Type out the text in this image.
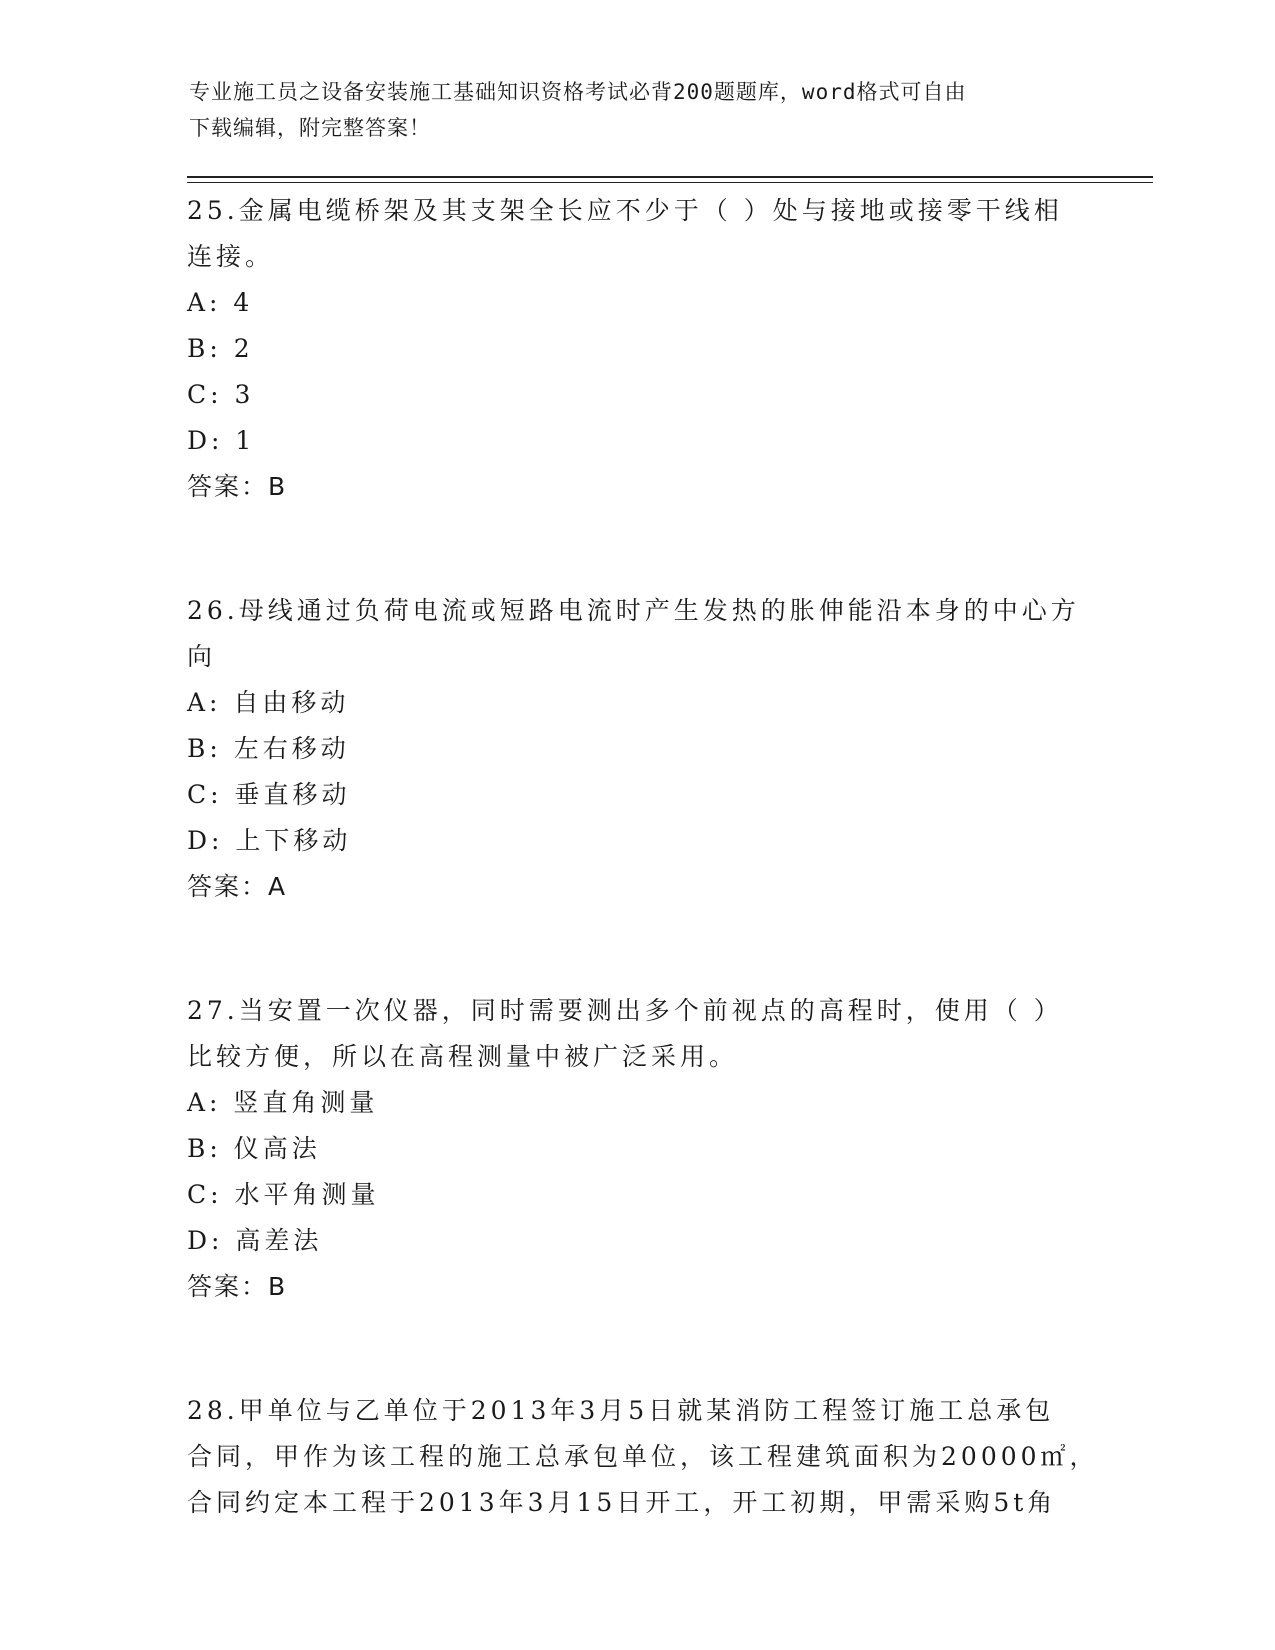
专业施工员之设备安装施工基础知识资格考试必背200题题库，word格式可自由
下载编辑，附完整答案！
25.金属电缆桥架及其支架全长应不少于（ ）处与接地或接零干线相
连接。
A: 4
B: 2
C: 3
D: 1
答案：B
26.母线通过负荷电流或短路电流时产生发热的胀伸能沿本身的中心方
向
A: 自由移动
B: 左右移动
C: 垂直移动
D: 上下移动
答案：A
27.当安置一次仪器，同时需要测出多个前视点的高程时，使用（ ）
比较方便，所以在高程测量中被广泛采用。
A: 竖直角测量
B: 仪高法
C: 水平角测量
D: 高差法
答案：B
28.甲单位与乙单位于2013年3月5日就某消防工程签订施工总承包
合同，甲作为该工程的施工总承包单位，该工程建筑面积为20000㎡，
合同约定本工程于2013年3月15日开工，开工初期，甲需采购5t角
